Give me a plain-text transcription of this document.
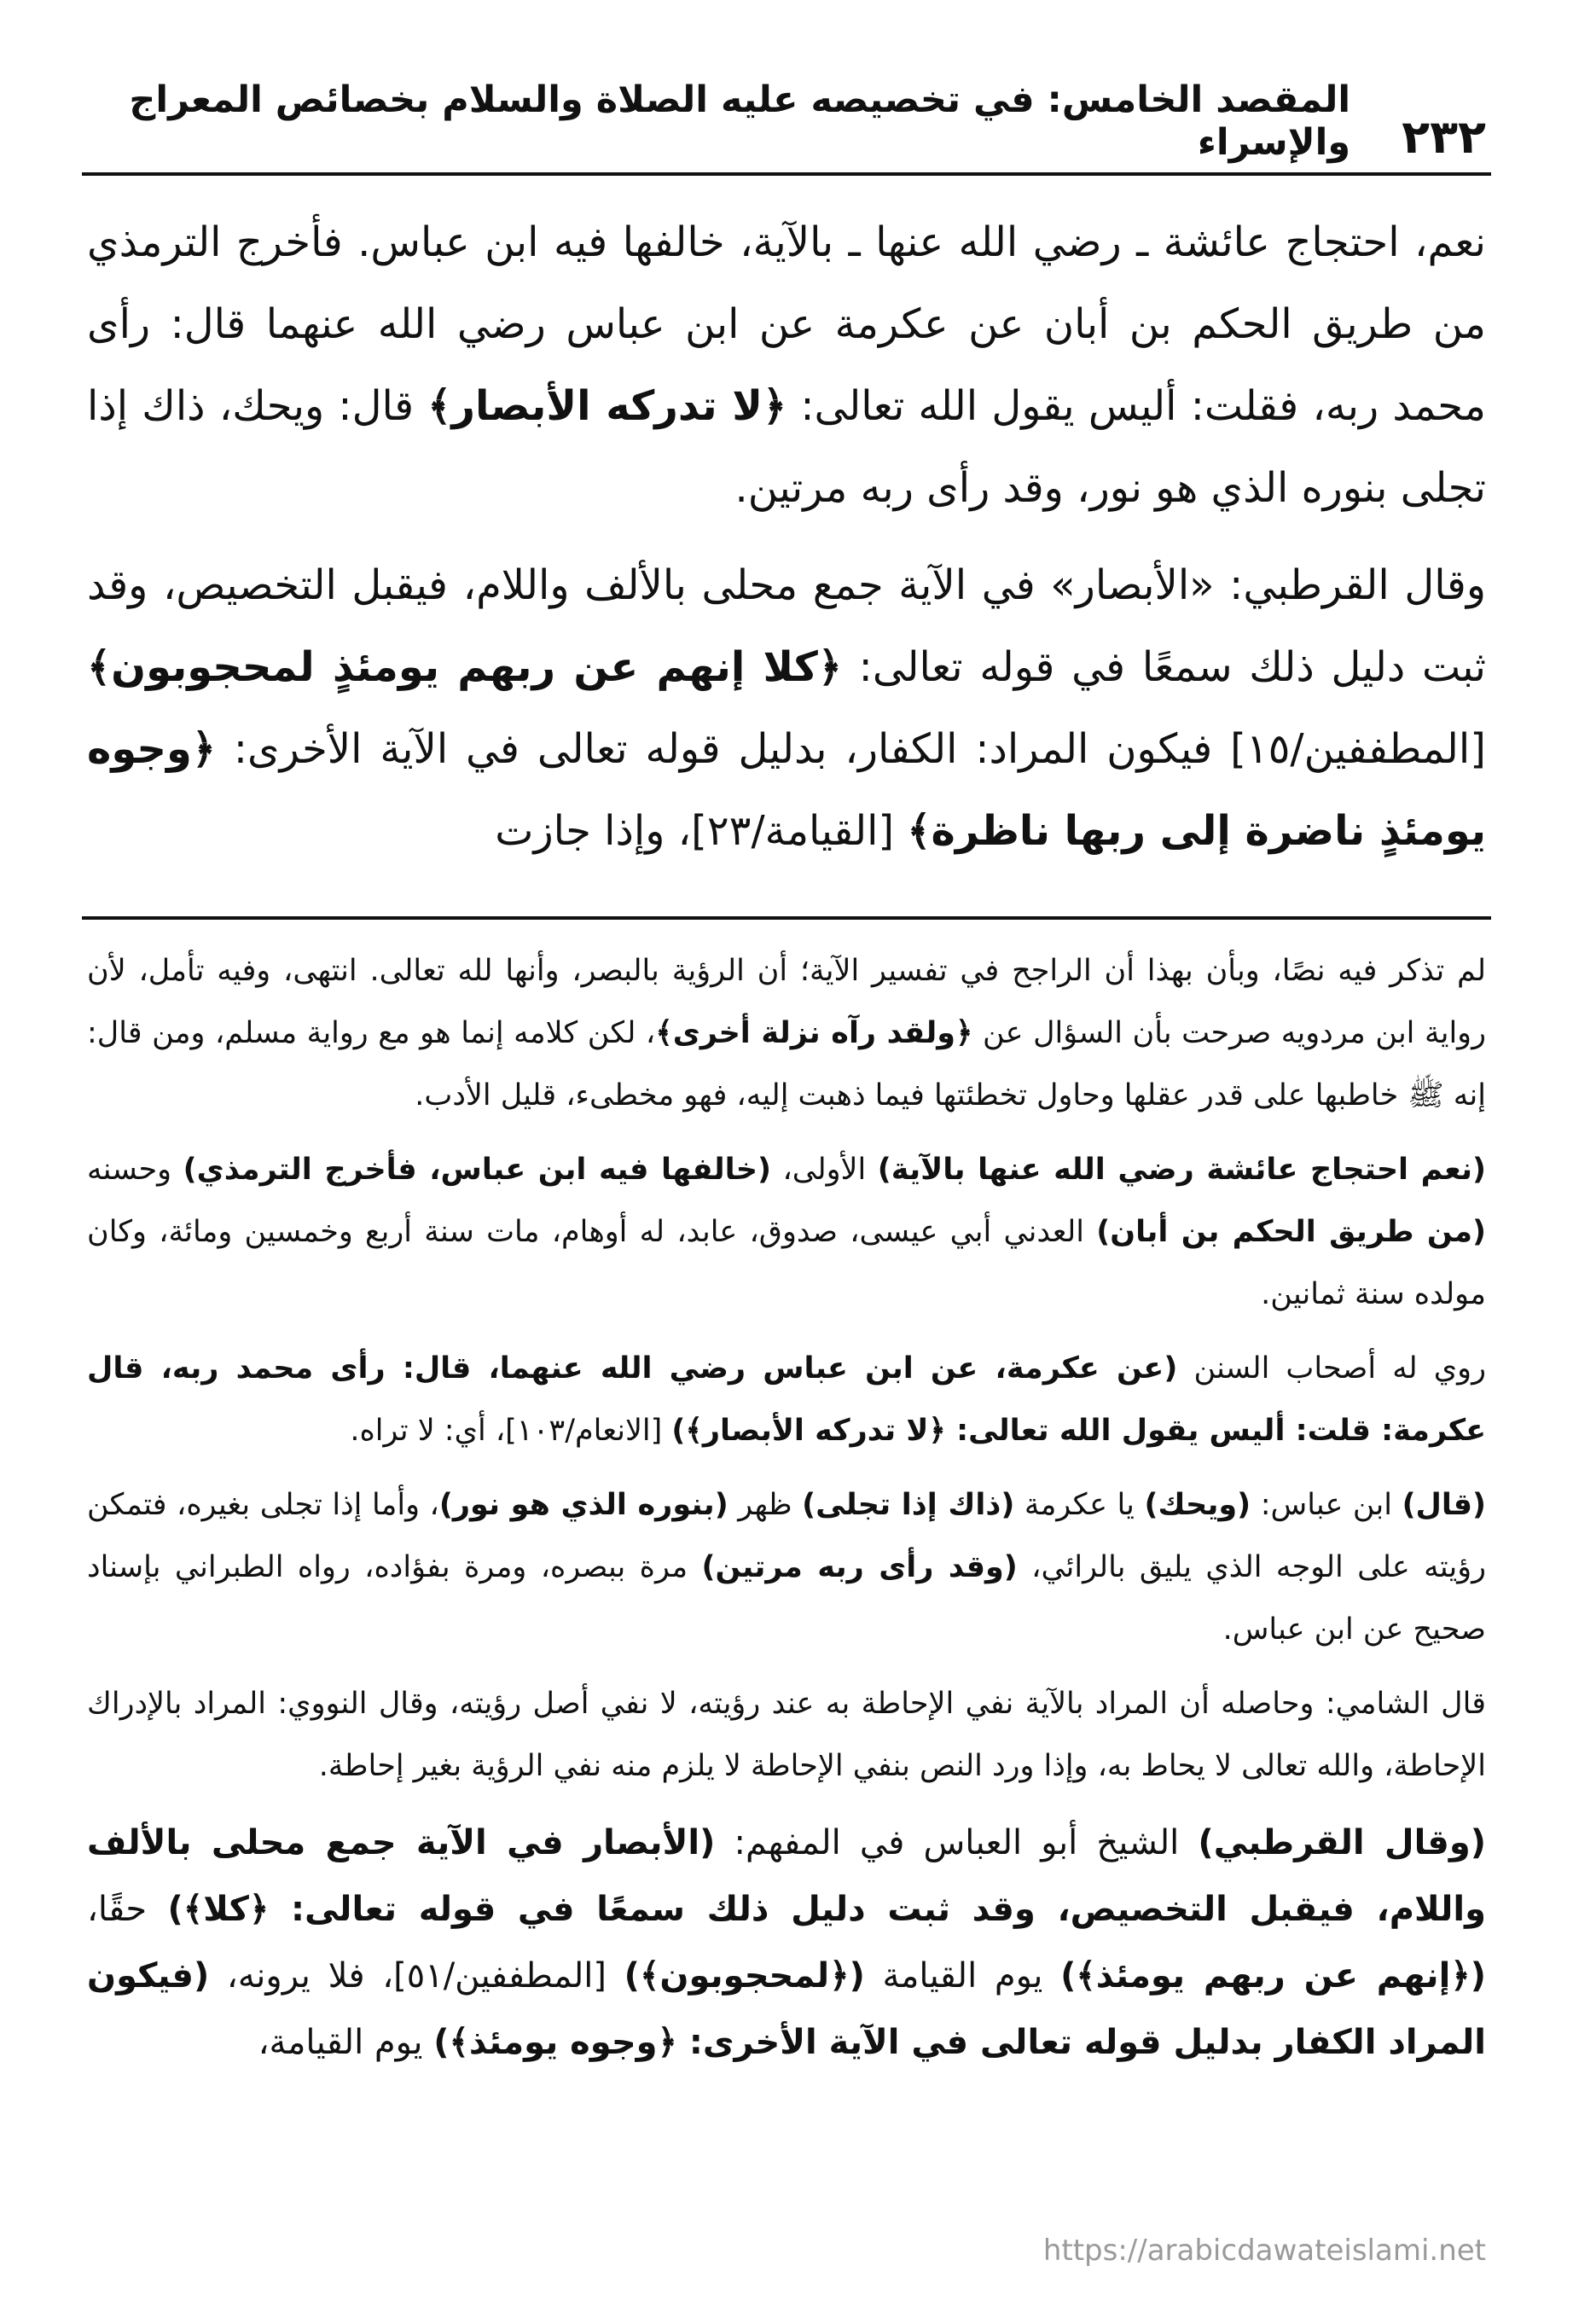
٢٣٢
المقصد الخامس: في تخصيصه عليه الصلاة والسلام بخصائص المعراج والإسراء

نعم، احتجاج عائشة ـ رضي الله عنها ـ بالآية، خالفها فيه ابن عباس. فأخرج الترمذي من طريق الحكم بن أبان عن عكرمة عن ابن عباس رضي الله عنهما قال: رأى محمد ربه، فقلت: أليس يقول الله تعالى: ﴿لا تدركه الأبصار﴾ قال: ويحك، ذاك إذا تجلى بنوره الذي هو نور، وقد رأى ربه مرتين.

وقال القرطبي: «الأبصار» في الآية جمع محلى بالألف واللام، فيقبل التخصيص، وقد ثبت دليل ذلك سمعًا في قوله تعالى: ﴿كلا إنهم عن ربهم يومئذٍ لمحجوبون﴾ [المطففين/١٥] فيكون المراد: الكفار، بدليل قوله تعالى في الآية الأخرى: ﴿وجوه يومئذٍ ناضرة إلى ربها ناظرة﴾ [القيامة/٢٣]، وإذا جازت

لم تذكر فيه نصًا، وبأن بهذا أن الراجح في تفسير الآية؛ أن الرؤية بالبصر، وأنها لله تعالى. انتهى، وفيه تأمل، لأن رواية ابن مردويه صرحت بأن السؤال عن ﴿ولقد رآه نزلة أخرى﴾، لكن كلامه إنما هو مع رواية مسلم، ومن قال: إنه ﷺ خاطبها على قدر عقلها وحاول تخطئتها فيما ذهبت إليه، فهو مخطىء، قليل الأدب.

(نعم احتجاج عائشة رضي الله عنها بالآية) الأولى، (خالفها فيه ابن عباس، فأخرج الترمذي) وحسنه (من طريق الحكم بن أبان) العدني أبي عيسى، صدوق، عابد، له أوهام، مات سنة أربع وخمسين ومائة، وكان مولده سنة ثمانين.

روي له أصحاب السنن (عن عكرمة، عن ابن عباس رضي الله عنهما، قال: رأى محمد ربه، قال عكرمة: قلت: أليس يقول الله تعالى: ﴿لا تدركه الأبصار﴾) [الانعام/١٠٣]، أي: لا تراه.

(قال) ابن عباس: (ويحك) يا عكرمة (ذاك إذا تجلى) ظهر (بنوره الذي هو نور)، وأما إذا تجلى بغيره، فتمكن رؤيته على الوجه الذي يليق بالرائي، (وقد رأى ربه مرتين) مرة ببصره، ومرة بفؤاده، رواه الطبراني بإسناد صحيح عن ابن عباس.

قال الشامي: وحاصله أن المراد بالآية نفي الإحاطة به عند رؤيته، لا نفي أصل رؤيته، وقال النووي: المراد بالإدراك الإحاطة، والله تعالى لا يحاط به، وإذا ورد النص بنفي الإحاطة لا يلزم منه نفي الرؤية بغير إحاطة.

(وقال القرطبي) الشيخ أبو العباس في المفهم: (الأبصار في الآية جمع محلى بالألف واللام، فيقبل التخصيص، وقد ثبت دليل ذلك سمعًا في قوله تعالى: ﴿كلا﴾) حقًا، (﴿إنهم عن ربهم يومئذ﴾) يوم القيامة (﴿لمحجوبون﴾) [المطففين/٥١]، فلا يرونه، (فيكون المراد الكفار بدليل قوله تعالى في الآية الأخرى: ﴿وجوه يومئذ﴾) يوم القيامة،

https://arabicdawateislami.net
